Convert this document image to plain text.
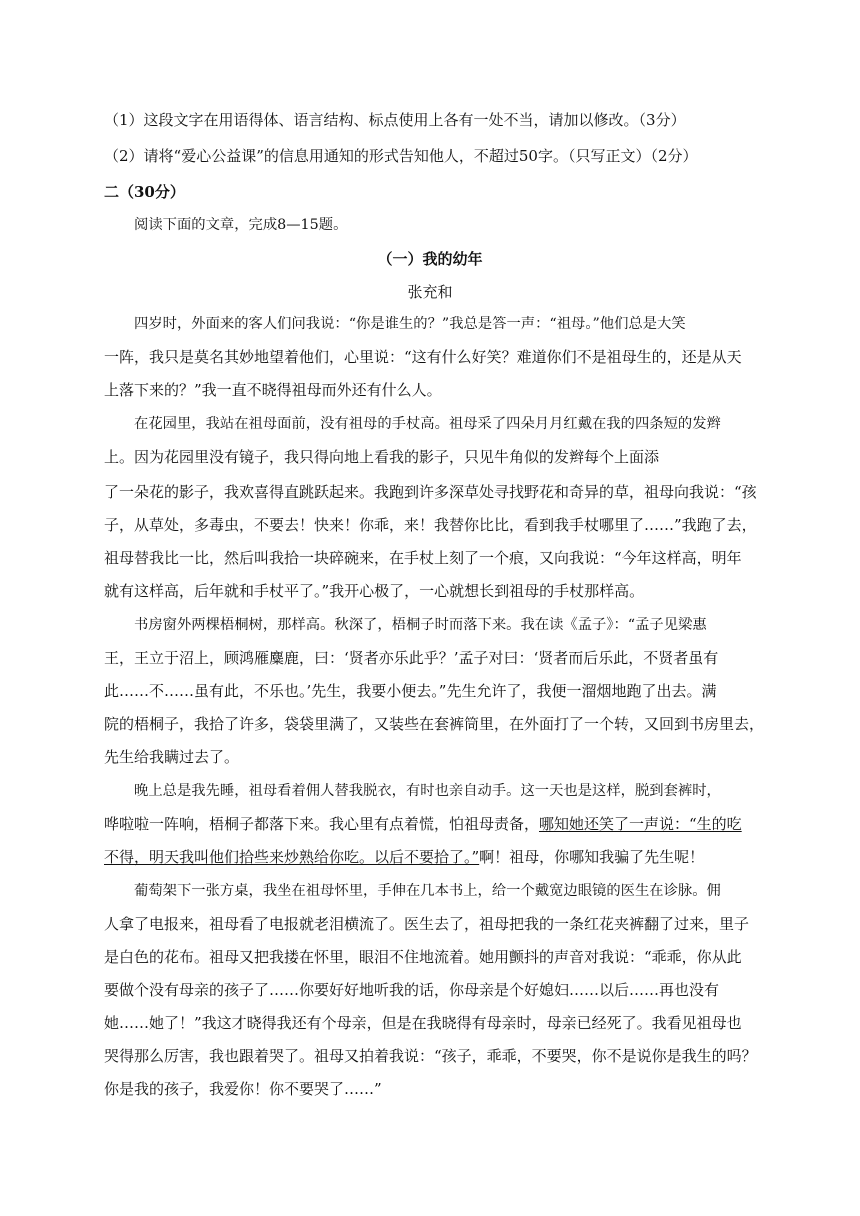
（1）这段文字在用语得体、语言结构、标点使用上各有一处不当，请加以修改。（3分）
（2）请将“爱心公益课”的信息用通知的形式告知他人，不超过50字。（只写正文）（2分）
二（30分）
阅读下面的文章，完成8—15题。
（一）我的幼年
张充和
四岁时，外面来的客人们问我说：“你是谁生的？”我总是答一声：“祖母。”他们总是大笑
一阵，我只是莫名其妙地望着他们，心里说：“这有什么好笑？难道你们不是祖母生的，还是从天
上落下来的？”我一直不晓得祖母而外还有什么人。
在花园里，我站在祖母面前，没有祖母的手杖高。祖母采了四朵月月红戴在我的四条短的发辫
上。因为花园里没有镜子，我只得向地上看我的影子，只见牛角似的发辫每个上面添
了一朵花的影子，我欢喜得直跳跃起来。我跑到许多深草处寻找野花和奇异的草，祖母向我说：“孩
子，从草处，多毒虫，不要去！快来！你乖，来！我替你比比，看到我手杖哪里了……”我跑了去，
祖母替我比一比，然后叫我拾一块碎碗来，在手杖上刻了一个痕，又向我说：“今年这样高，明年
就有这样高，后年就和手杖平了。”我开心极了，一心就想长到祖母的手杖那样高。
书房窗外两棵梧桐树，那样高。秋深了，梧桐子时而落下来。我在读《孟子》：“孟子见梁惠
王，王立于沼上，顾鸿雁麋鹿，曰：‘贤者亦乐此乎？’孟子对曰：‘贤者而后乐此，不贤者虽有
此……不……虽有此，不乐也。’先生，我要小便去。”先生允许了，我便一溜烟地跑了出去。满
院的梧桐子，我拾了许多，袋袋里满了，又装些在套裤筒里，在外面打了一个转，又回到书房里去，
先生给我瞒过去了。
晚上总是我先睡，祖母看着佣人替我脱衣，有时也亲自动手。这一天也是这样，脱到套裤时，
哗啦啦一阵响，梧桐子都落下来。我心里有点着慌，怕祖母责备，哪知她还笑了一声说：“生的吃
不得，明天我叫他们拾些来炒熟给你吃。以后不要拾了。”啊！祖母，你哪知我骗了先生呢！
葡萄架下一张方桌，我坐在祖母怀里，手伸在几本书上，给一个戴宽边眼镜的医生在诊脉。佣
人拿了电报来，祖母看了电报就老泪横流了。医生去了，祖母把我的一条红花夹裤翻了过来，里子
是白色的花布。祖母又把我搂在怀里，眼泪不住地流着。她用颤抖的声音对我说：“乖乖，你从此
要做个没有母亲的孩子了……你要好好地听我的话，你母亲是个好媳妇……以后……再也没有
她……她了！”我这才晓得我还有个母亲，但是在我晓得有母亲时，母亲已经死了。我看见祖母也
哭得那么厉害，我也跟着哭了。祖母又拍着我说：“孩子，乖乖，不要哭，你不是说你是我生的吗？
你是我的孩子，我爱你！你不要哭了……”
